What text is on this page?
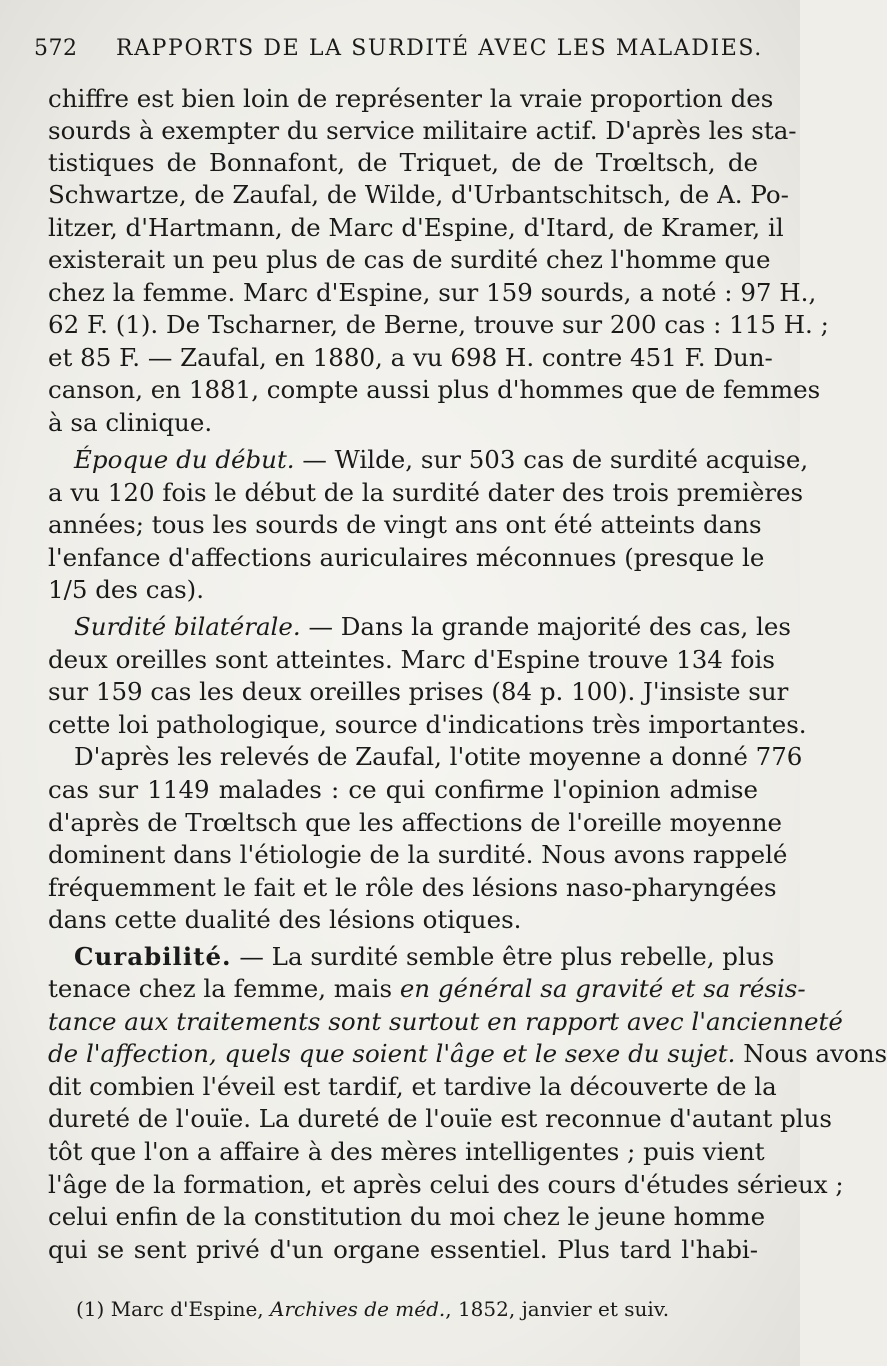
572 RAPPORTS DE LA SURDITÉ AVEC LES MALADIES.
chiffre est bien loin de représenter la vraie proportion des
sourds à exempter du service militaire actif. D'après les sta-
tistiques de Bonnafont, de Triquet, de de Trœltsch, de
Schwartze, de Zaufal, de Wilde, d'Urbantschitsch, de A. Po-
litzer, d'Hartmann, de Marc d'Espine, d'Itard, de Kramer, il
existerait un peu plus de cas de surdité chez l'homme que
chez la femme. Marc d'Espine, sur 159 sourds, a noté : 97 H.,
62 F. (1). De Tscharner, de Berne, trouve sur 200 cas : 115 H. ;
et 85 F. — Zaufal, en 1880, a vu 698 H. contre 451 F. Dun-
canson, en 1881, compte aussi plus d'hommes que de femmes
à sa clinique.
Époque du début. — Wilde, sur 503 cas de surdité acquise,
a vu 120 fois le début de la surdité dater des trois premières
années; tous les sourds de vingt ans ont été atteints dans
l'enfance d'affections auriculaires méconnues (presque le
1/5 des cas).
Surdité bilatérale. — Dans la grande majorité des cas, les
deux oreilles sont atteintes. Marc d'Espine trouve 134 fois
sur 159 cas les deux oreilles prises (84 p. 100). J'insiste sur
cette loi pathologique, source d'indications très importantes.
D'après les relevés de Zaufal, l'otite moyenne a donné 776
cas sur 1149 malades : ce qui confirme l'opinion admise
d'après de Trœltsch que les affections de l'oreille moyenne
dominent dans l'étiologie de la surdité. Nous avons rappelé
fréquemment le fait et le rôle des lésions naso-pharyngées
dans cette dualité des lésions otiques.
Curabilité. — La surdité semble être plus rebelle, plus
tenace chez la femme, mais en général sa gravité et sa résis-
tance aux traitements sont surtout en rapport avec l'ancienneté
de l'affection, quels que soient l'âge et le sexe du sujet. Nous avons
dit combien l'éveil est tardif, et tardive la découverte de la
dureté de l'ouïe. La dureté de l'ouïe est reconnue d'autant plus
tôt que l'on a affaire à des mères intelligentes ; puis vient
l'âge de la formation, et après celui des cours d'études sérieux ;
celui enfin de la constitution du moi chez le jeune homme
qui se sent privé d'un organe essentiel. Plus tard l'habi-
(1) Marc d'Espine, Archives de méd., 1852, janvier et suiv.
